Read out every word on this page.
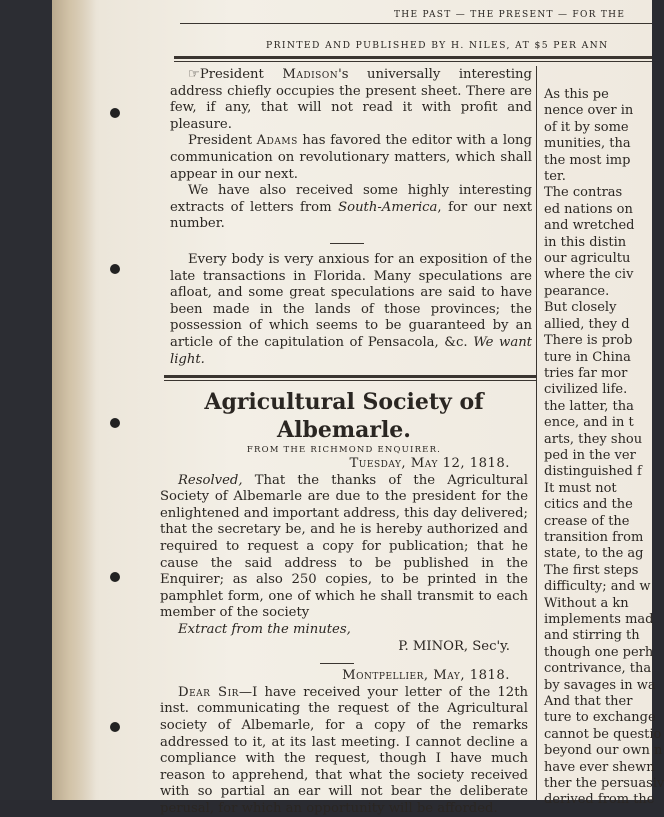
THE PAST — THE PRESENT — FOR THE
PRINTED AND PUBLISHED BY H. NILES, AT $5 PER ANN

☞President Madison's universally interesting address chiefly occupies the present sheet. There are few, if any, that will not read it with profit and pleasure.

President Adams has favored the editor with a long communication on revolutionary matters, which shall appear in our next.

We have also received some highly interesting extracts of letters from South-America, for our next number.

Every body is very anxious for an exposition of the late transactions in Florida. Many speculations are afloat, and some great speculations are said to have been made in the lands of those provinces; the possession of which seems to be guaranteed by an article of the capitulation of Pensacola, &c. We want light.

Agricultural Society of Albemarle.
FROM THE RICHMOND ENQUIRER.
Tuesday, May 12, 1818.

Resolved, That the thanks of the Agricultural Society of Albemarle are due to the president for the enlightened and important address, this day delivered; that the secretary be, and he is hereby authorized and required to request a copy for publication; that he cause the said address to be published in the Enquirer; as also 250 copies, to be printed in the pamphlet form, one of which he shall transmit to each member of the society

Extract from the minutes,

P. MINOR, Sec'y.

Montpellier, May, 1818.

Dear Sir—I have received your letter of the 12th inst. communicating the request of the Agricultural society of Albemarle, for a copy of the remarks addressed to it, at its last meeting. I cannot decline a compliance with the request, though I have much reason to apprehend, that what the society received with so partial an ear will not bear the deliberate perusal, for which an opportunity will be afforded.

As this pe
nence over in
of it by some
munities, tha
the most imp
ter.
The contras
ed nations on
and wretched
in this distin
our agricultu
where the civ
pearance.
But closely
allied, they d
There is prob
ture in China
tries far mor
civilized life.
the latter, tha
ence, and in t
arts, they shou
ped in the ver
distinguished f
It must not
citics and the
crease of the
transition from
state, to the ag
The first steps
difficulty; and w
Without a kn
implements mad
and stirring th
though one perh
contrivance, tha
by savages in wa
And that ther
ture to exchange
cannot be questio
beyond our own n
have ever shewn
ther the persuasiv
derived from the
